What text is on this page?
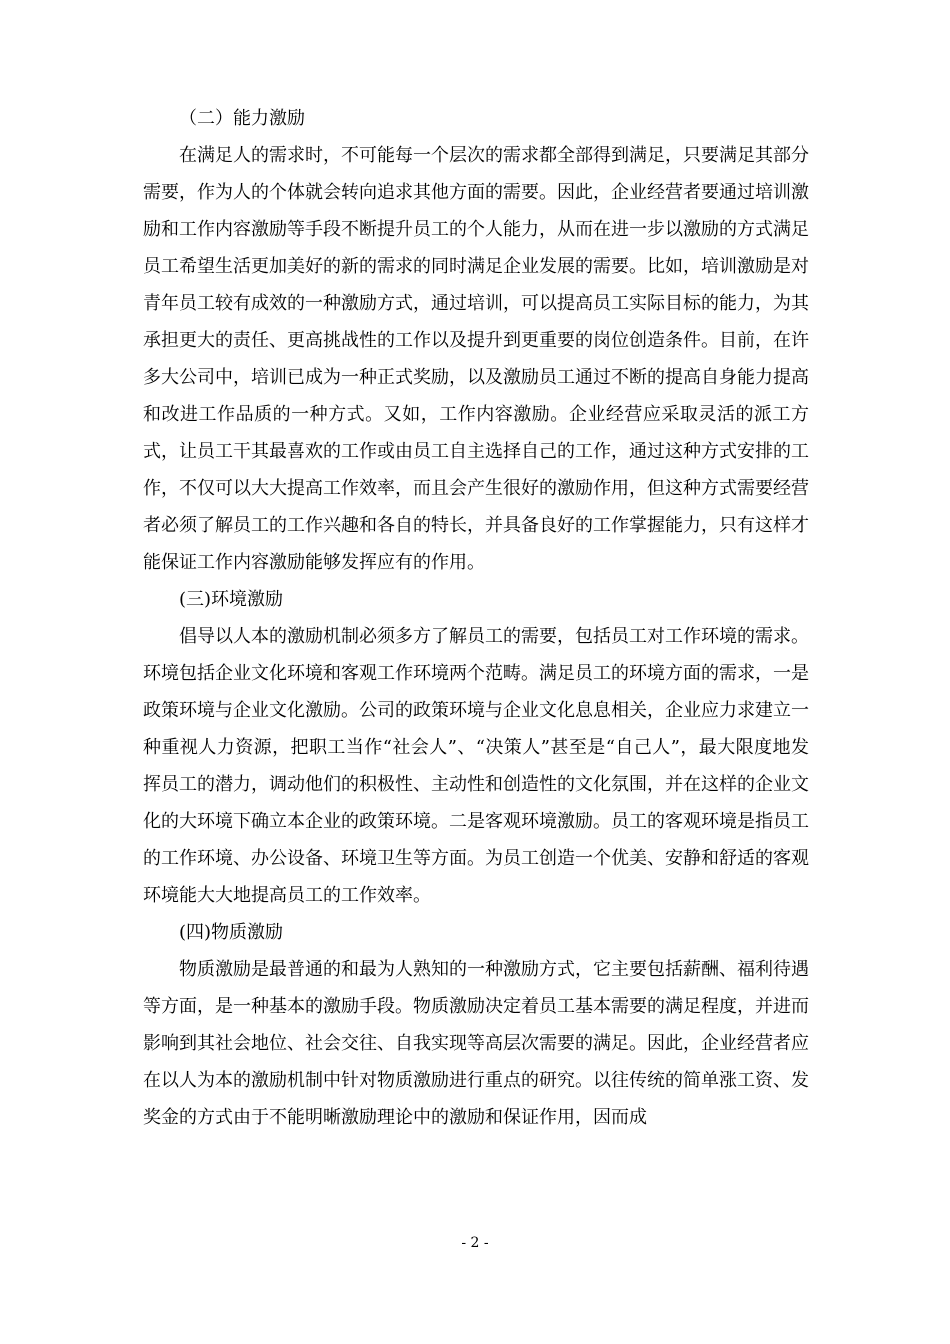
（二）能力激励

在满足人的需求时，不可能每一个层次的需求都全部得到满足，只要满足其部分需要，作为人的个体就会转向追求其他方面的需要。因此，企业经营者要通过培训激励和工作内容激励等手段不断提升员工的个人能力，从而在进一步以激励的方式满足员工希望生活更加美好的新的需求的同时满足企业发展的需要。比如，培训激励是对青年员工较有成效的一种激励方式，通过培训，可以提高员工实际目标的能力，为其承担更大的责任、更高挑战性的工作以及提升到更重要的岗位创造条件。目前，在许多大公司中，培训已成为一种正式奖励，以及激励员工通过不断的提高自身能力提高和改进工作品质的一种方式。又如，工作内容激励。企业经营应采取灵活的派工方式，让员工干其最喜欢的工作或由员工自主选择自己的工作，通过这种方式安排的工作，不仅可以大大提高工作效率，而且会产生很好的激励作用，但这种方式需要经营者必须了解员工的工作兴趣和各自的特长，并具备良好的工作掌握能力，只有这样才能保证工作内容激励能够发挥应有的作用。

(三)环境激励

倡导以人本的激励机制必须多方了解员工的需要，包括员工对工作环境的需求。环境包括企业文化环境和客观工作环境两个范畴。满足员工的环境方面的需求，一是政策环境与企业文化激励。公司的政策环境与企业文化息息相关，企业应力求建立一种重视人力资源，把职工当作“社会人”、“决策人”甚至是“自己人”，最大限度地发挥员工的潜力，调动他们的积极性、主动性和创造性的文化氛围，并在这样的企业文化的大环境下确立本企业的政策环境。二是客观环境激励。员工的客观环境是指员工的工作环境、办公设备、环境卫生等方面。为员工创造一个优美、安静和舒适的客观环境能大大地提高员工的工作效率。

(四)物质激励

物质激励是最普通的和最为人熟知的一种激励方式，它主要包括薪酬、福利待遇等方面，是一种基本的激励手段。物质激励决定着员工基本需要的满足程度，并进而影响到其社会地位、社会交往、自我实现等高层次需要的满足。因此，企业经营者应在以人为本的激励机制中针对物质激励进行重点的研究。以往传统的简单涨工资、发奖金的方式由于不能明晰激励理论中的激励和保证作用，因而成

- 2 -
